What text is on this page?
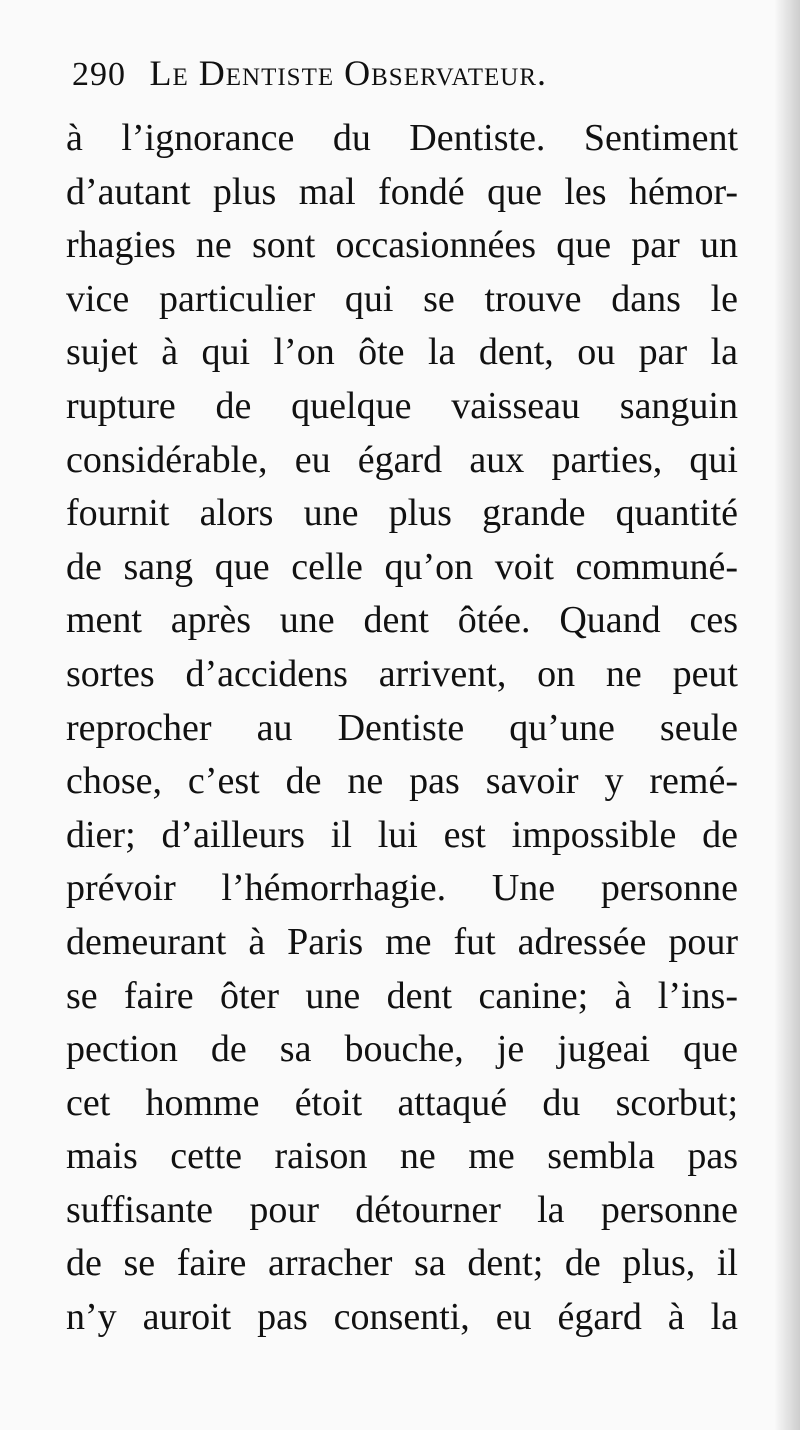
290 Le Dentiste Observateur.
à l’ignorance du Dentiste. Sentiment
d’autant plus mal fondé que les hémor-
rhagies ne sont occasionnées que par un
vice particulier qui se trouve dans le
sujet à qui l’on ôte la dent, ou par la
rupture de quelque vaisseau sanguin
considérable, eu égard aux parties, qui
fournit alors une plus grande quantité
de sang que celle qu’on voit communé-
ment après une dent ôtée. Quand ces
sortes d’accidens arrivent, on ne peut
reprocher au Dentiste qu’une seule
chose, c’est de ne pas savoir y remé-
dier; d’ailleurs il lui est impossible de
prévoir l’hémorrhagie. Une personne
demeurant à Paris me fut adressée pour
se faire ôter une dent canine; à l’ins-
pection de sa bouche, je jugeai que
cet homme étoit attaqué du scorbut;
mais cette raison ne me sembla pas
suffisante pour détourner la personne
de se faire arracher sa dent; de plus, il
n’y auroit pas consenti, eu égard à la
